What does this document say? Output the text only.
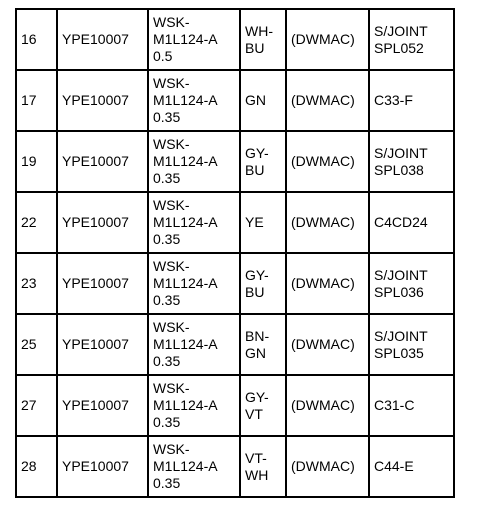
16	YPE10007	WSK-
M1L124-A
0.5	WH-
BU	(DWMAC)	S/JOINT
SPL052
17	YPE10007	WSK-
M1L124-A
0.35	GN	(DWMAC)	C33-F
19	YPE10007	WSK-
M1L124-A
0.35	GY-
BU	(DWMAC)	S/JOINT
SPL038
22	YPE10007	WSK-
M1L124-A
0.35	YE	(DWMAC)	C4CD24
23	YPE10007	WSK-
M1L124-A
0.35	GY-
BU	(DWMAC)	S/JOINT
SPL036
25	YPE10007	WSK-
M1L124-A
0.35	BN-
GN	(DWMAC)	S/JOINT
SPL035
27	YPE10007	WSK-
M1L124-A
0.35	GY-
VT	(DWMAC)	C31-C
28	YPE10007	WSK-
M1L124-A
0.35	VT-
WH	(DWMAC)	C44-E
